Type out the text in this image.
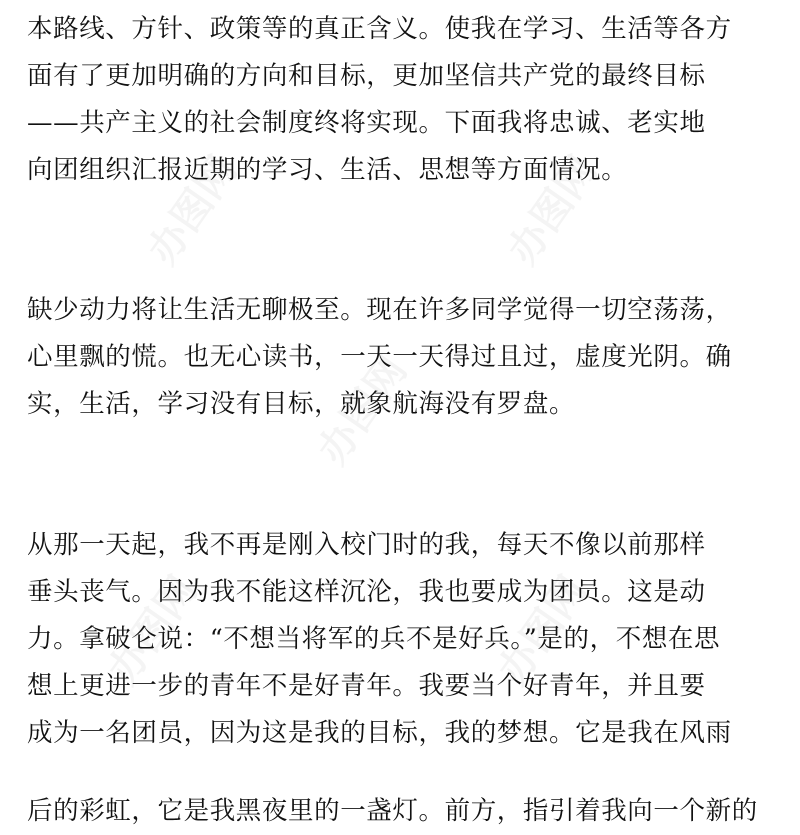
办图网	办图网
办图网
办图网	办图网
本路线、方针、政策等的真正含义。使我在学习、生活等各方
面有了更加明确的方向和目标，更加坚信共产党的最终目标
——共产主义的社会制度终将实现。下面我将忠诚、老实地
向团组织汇报近期的学习、生活、思想等方面情况。
缺少动力将让生活无聊极至。现在许多同学觉得一切空荡荡，
心里飘的慌。也无心读书，一天一天得过且过，虚度光阴。确
实，生活，学习没有目标，就象航海没有罗盘。
从那一天起，我不再是刚入校门时的我，每天不像以前那样
垂头丧气。因为我不能这样沉沦，我也要成为团员。这是动
力。拿破仑说：“不想当将军的兵不是好兵。”是的，不想在思
想上更进一步的青年不是好青年。我要当个好青年，并且要
成为一名团员，因为这是我的目标，我的梦想。它是我在风雨
后的彩虹，它是我黑夜里的一盏灯。前方，指引着我向一个新的
